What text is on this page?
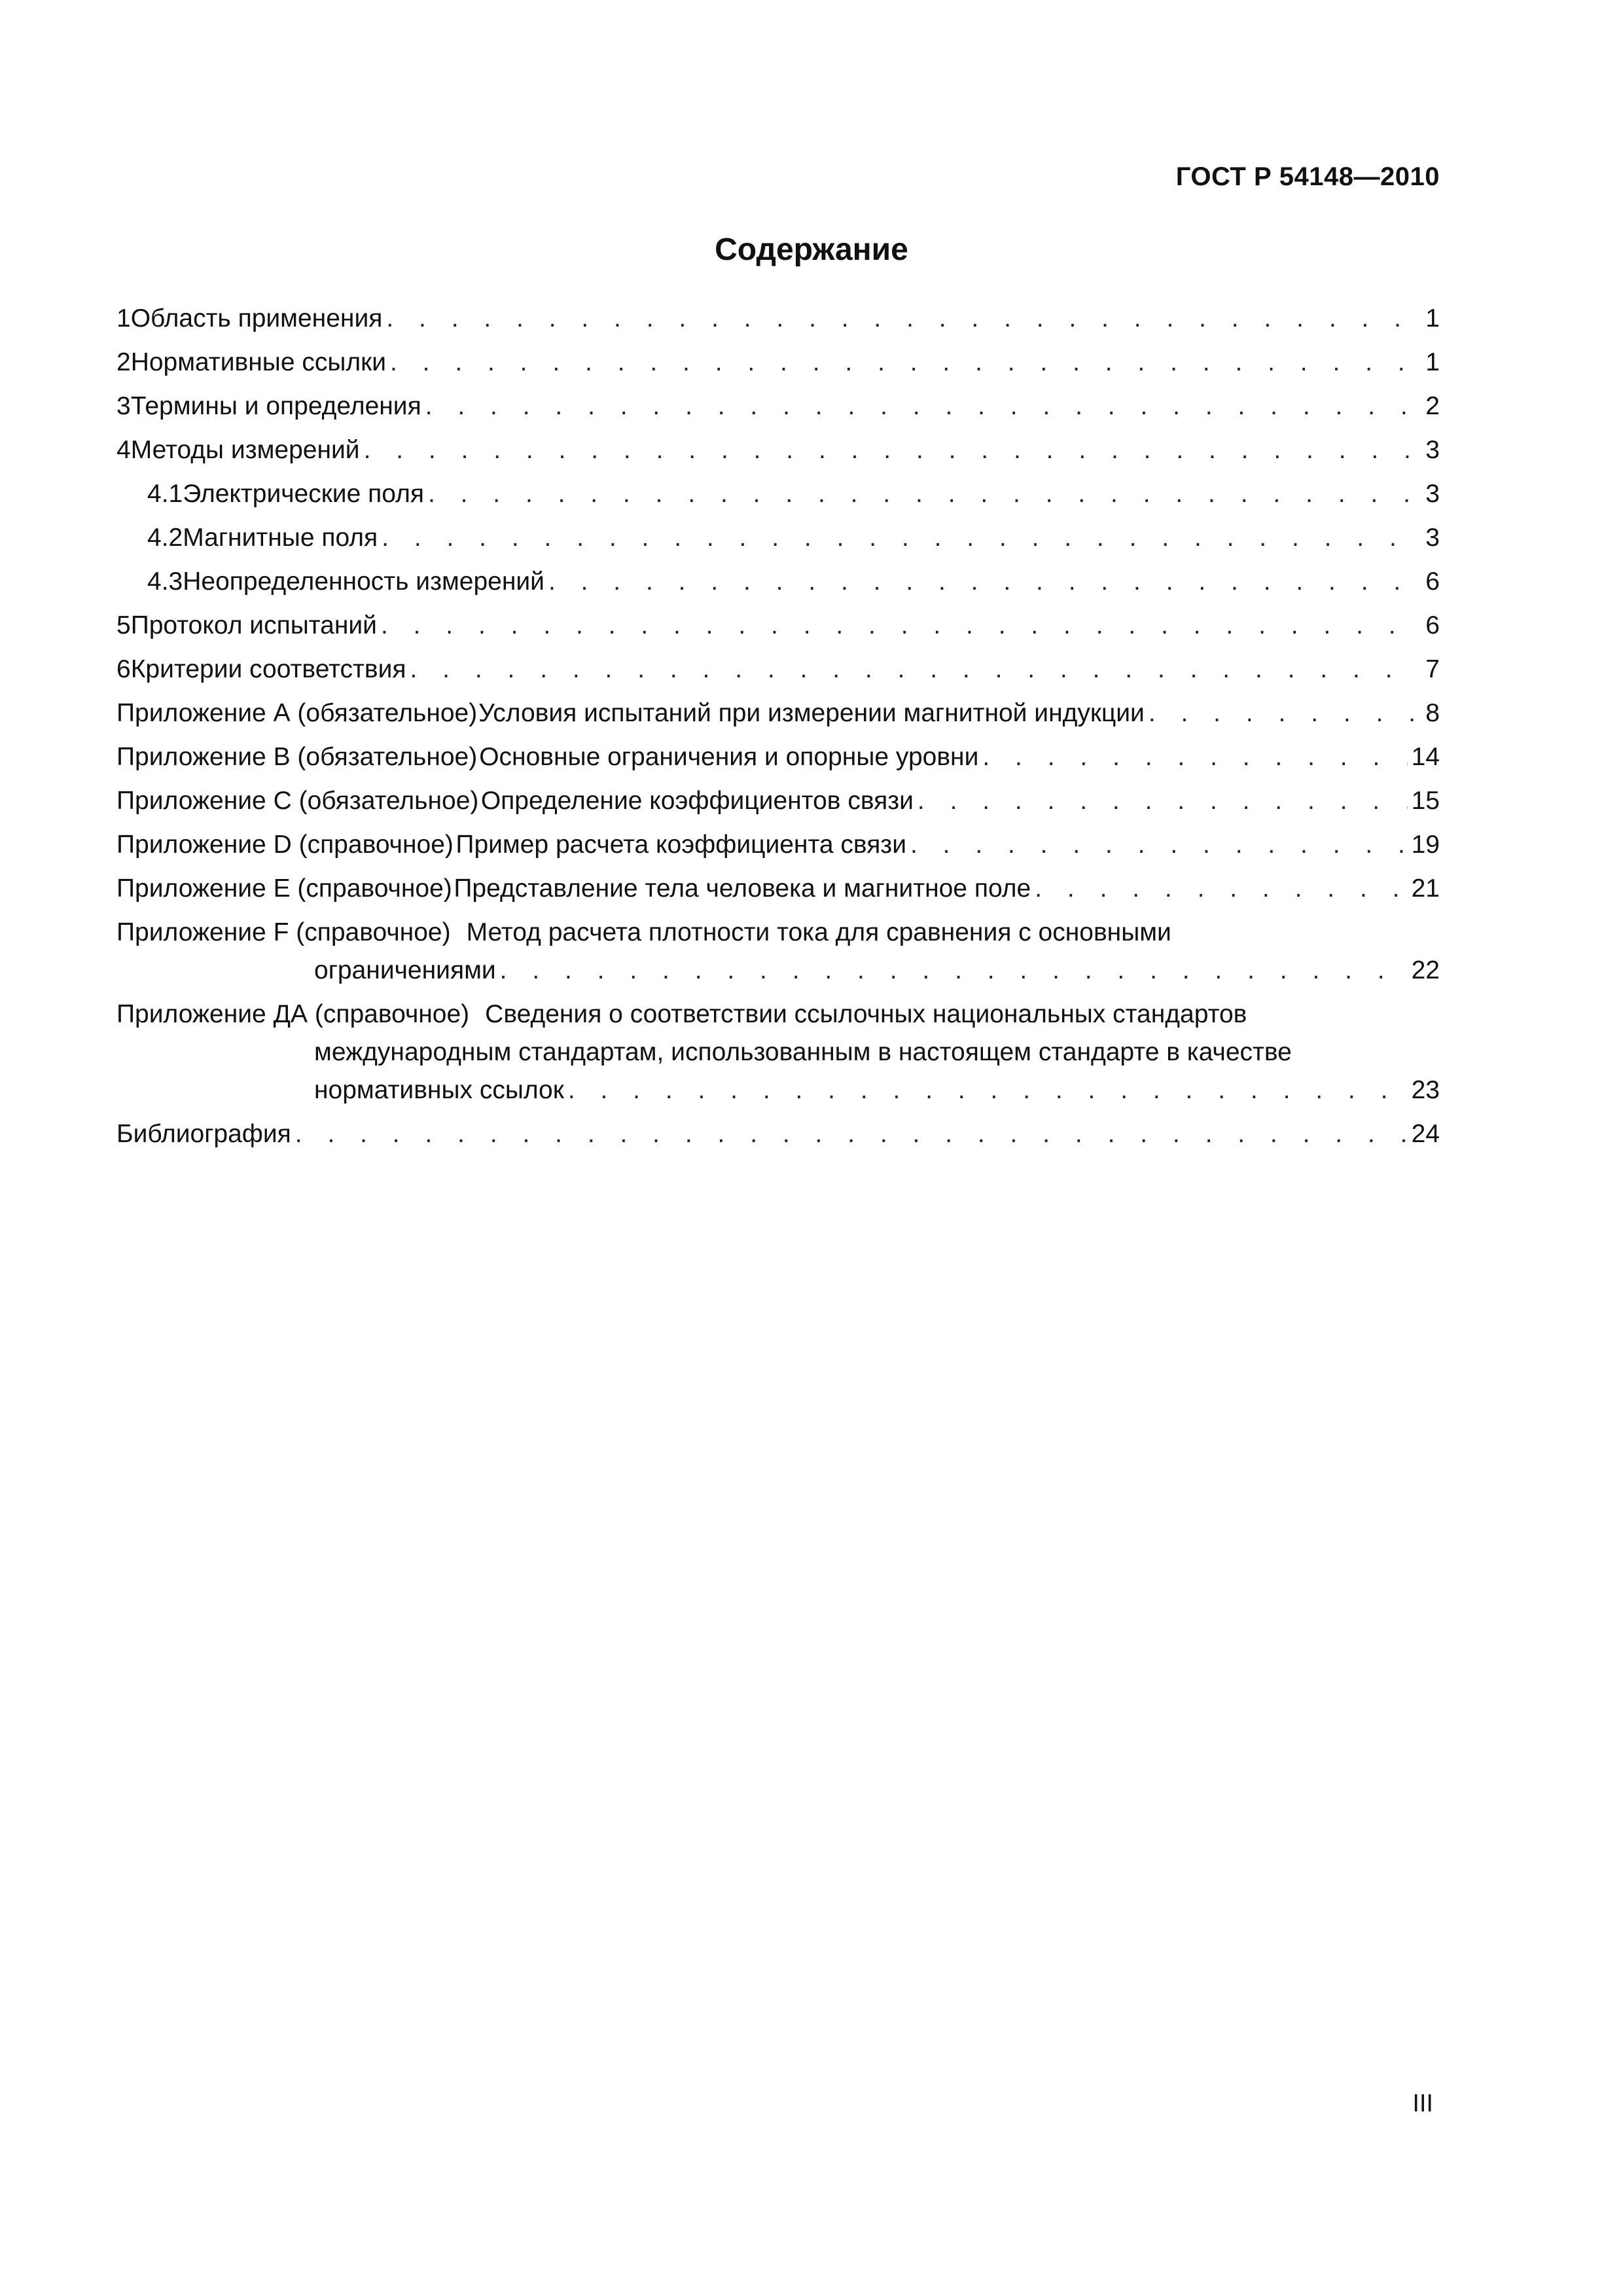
ГОСТ Р 54148—2010
Содержание
1 Область применения . . .	1
2 Нормативные ссылки . . .	1
3 Термины и определения . . .	2
4 Методы измерений . . .	3
4.1 Электрические поля . . .	3
4.2 Магнитные поля . . .	3
4.3 Неопределенность измерений . . .	6
5 Протокол испытаний . . .	6
6 Критерии соответствия . . .	7
Приложение А (обязательное) Условия испытаний при измерении магнитной индукции . . .	8
Приложение В (обязательное) Основные ограничения и опорные уровни . . .	14
Приложение С (обязательное) Определение коэффициентов связи . . .	15
Приложение D (справочное) Пример расчета коэффициента связи . . .	19
Приложение Е (справочное) Представление тела человека и магнитное поле . . .	21
Приложение F (справочное) Метод расчета плотности тока для сравнения с основными
ограничениями . . .	22
Приложение ДА (справочное) Сведения о соответствии ссылочных национальных стандартов
международным стандартам, использованным в настоящем стандарте в качестве
нормативных ссылок . . .	23
Библиография . . .	24
III
